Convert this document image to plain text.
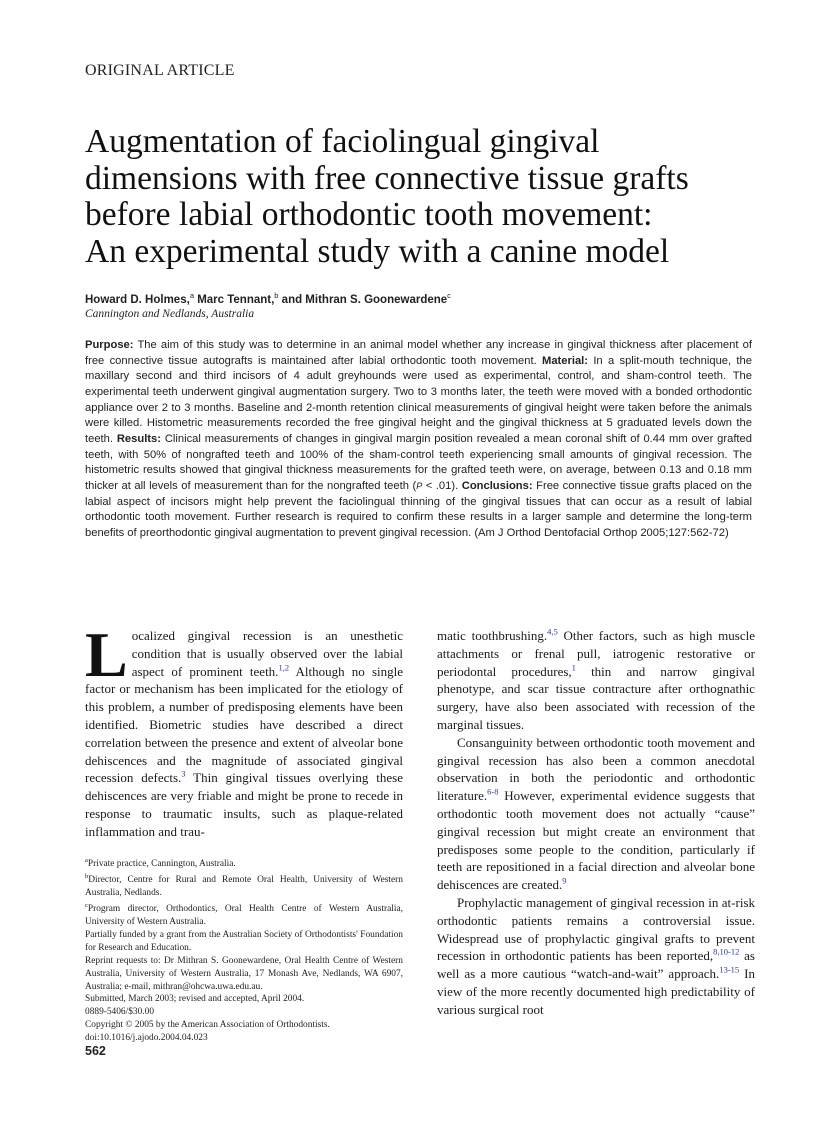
ORIGINAL ARTICLE
Augmentation of faciolingual gingival
dimensions with free connective tissue grafts
before labial orthodontic tooth movement:
An experimental study with a canine model
Howard D. Holmes,$^a$ Marc Tennant,$^b$ and Mithran S. Goonewardene$^c$
Cannington and Nedlands, Australia
Purpose: The aim of this study was to determine in an animal model whether any increase in gingival thickness after placement of free connective tissue autografts is maintained after labial orthodontic tooth movement. Material: In a split-mouth technique, the maxillary second and third incisors of 4 adult greyhounds were used as experimental, control, and sham-control teeth. The experimental teeth underwent gingival augmentation surgery. Two to 3 months later, the teeth were moved with a bonded orthodontic appliance over 2 to 3 months. Baseline and 2-month retention clinical measurements of gingival height were taken before the animals were killed. Histometric measurements recorded the free gingival height and the gingival thickness at 5 graduated levels down the teeth. Results: Clinical measurements of changes in gingival margin position revealed a mean coronal shift of 0.44 mm over grafted teeth, with 50% of nongrafted teeth and 100% of the sham-control teeth experiencing small amounts of gingival recession. The histometric results showed that gingival thickness measurements for the grafted teeth were, on average, between 0.13 and 0.18 mm thicker at all levels of measurement than for the nongrafted teeth (P < .01). Conclusions: Free connective tissue grafts placed on the labial aspect of incisors might help prevent the faciolingual thinning of the gingival tissues that can occur as a result of labial orthodontic tooth movement. Further research is required to confirm these results in a larger sample and determine the long-term benefits of preorthodontic gingival augmentation to prevent gingival recession. (Am J Orthod Dentofacial Orthop 2005;127:562-72)

Localized gingival recession is an unesthetic condition that is usually observed over the labial aspect of prominent teeth.$^{1,2}$ Although no single factor or mechanism has been implicated for the etiology of this problem, a number of predisposing elements have been identified. Biometric studies have described a direct correlation between the presence and extent of alveolar bone dehiscences and the magnitude of associated gingival recession defects.$^3$ Thin gingival tissues overlying these dehiscences are very friable and might be prone to recede in response to traumatic insults, such as plaque-related inflammation and trau-

$^a$Private practice, Cannington, Australia.
$^b$Director, Centre for Rural and Remote Oral Health, University of Western Australia, Nedlands.
$^c$Program director, Orthodontics, Oral Health Centre of Western Australia, University of Western Australia.
Partially funded by a grant from the Australian Society of Orthodontists' Foundation for Research and Education.
Reprint requests to: Dr Mithran S. Goonewardene, Oral Health Centre of Western Australia, University of Western Australia, 17 Monash Ave, Nedlands, WA 6907, Australia; e-mail, mithran@ohcwa.uwa.edu.au.
Submitted, March 2003; revised and accepted, April 2004.
0889-5406/$30.00
Copyright © 2005 by the American Association of Orthodontists.
doi:10.1016/j.ajodo.2004.04.023
562

matic toothbrushing.$^{4,5}$ Other factors, such as high muscle attachments or frenal pull, iatrogenic restorative or periodontal procedures,$^1$ thin and narrow gingival phenotype, and scar tissue contracture after orthognathic surgery, have also been associated with recession of the marginal tissues.

Consanguinity between orthodontic tooth movement and gingival recession has also been a common anecdotal observation in both the periodontic and orthodontic literature.$^{6-8}$ However, experimental evidence suggests that orthodontic tooth movement does not actually “cause” gingival recession but might create an environment that predisposes some people to the condition, particularly if teeth are repositioned in a facial direction and alveolar bone dehiscences are created.$^9$

Prophylactic management of gingival recession in at-risk orthodontic patients remains a controversial issue. Widespread use of prophylactic gingival grafts to prevent recession in orthodontic patients has been reported,$^{8,10-12}$ as well as a more cautious “watch-and-wait” approach.$^{13-15}$ In view of the more recently documented high predictability of various surgical root
